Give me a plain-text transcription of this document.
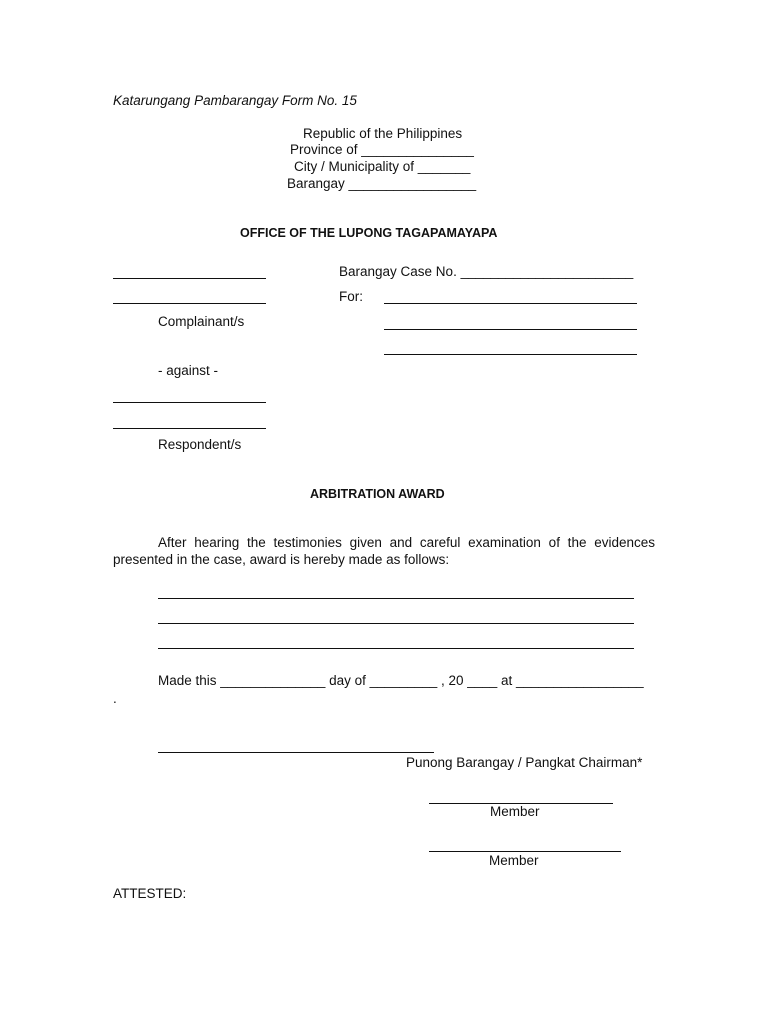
Katarungang Pambarangay Form No. 15
Republic of the Philippines
Province of _______________
City / Municipality of _______
Barangay _________________
OFFICE OF THE LUPONG TAGAPAMAYAPA
Complainant/s
Barangay Case No. _______________________
For:
- against -
Respondent/s
ARBITRATION AWARD
After hearing the testimonies given and careful examination of the evidences presented in the case, award is hereby made as follows:
Made this ______________ day of _________ , 20 ____ at _________________
.
Punong Barangay / Pangkat Chairman*
Member
Member
ATTESTED:
